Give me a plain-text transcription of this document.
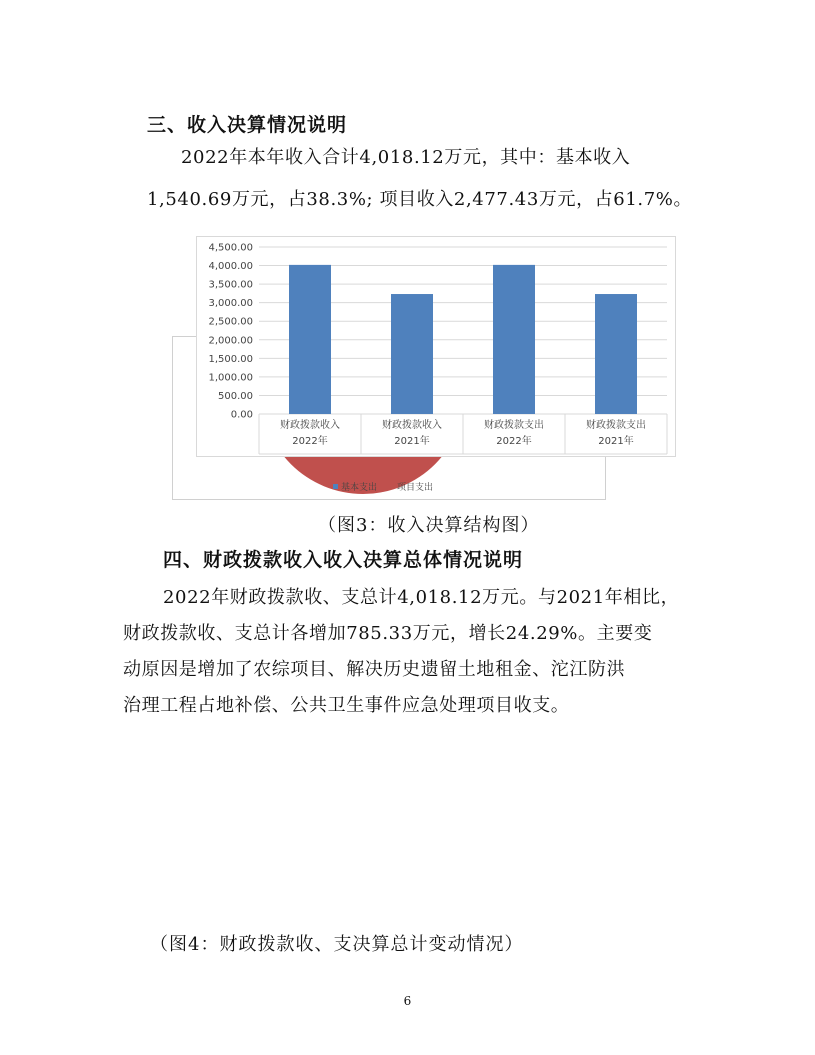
三、收入决算情况说明
2022年本年收入合计4,018.12万元，其中：基本收入
1,540.69万元，占38.3%; 项目收入2,477.43万元，占61.7%。
基本支出 项目支出
0.00
500.00
1,000.00
1,500.00
2,000.00
2,500.00
3,000.00
3,500.00
4,000.00
4,500.00
财政拨款收入
2022年
财政拨款收入
2021年
财政拨款支出
2022年
财政拨款支出
2021年
（图3：收入决算结构图）
四、财政拨款收入收入决算总体情况说明
2022年财政拨款收、支总计4,018.12万元。与2021年相比，
财政拨款收、支总计各增加785.33万元，增长24.29%。主要变
动原因是增加了农综项目、解决历史遗留土地租金、沱江防洪
治理工程占地补偿、公共卫生事件应急处理项目收支。
（图4：财政拨款收、支决算总计变动情况）
6
